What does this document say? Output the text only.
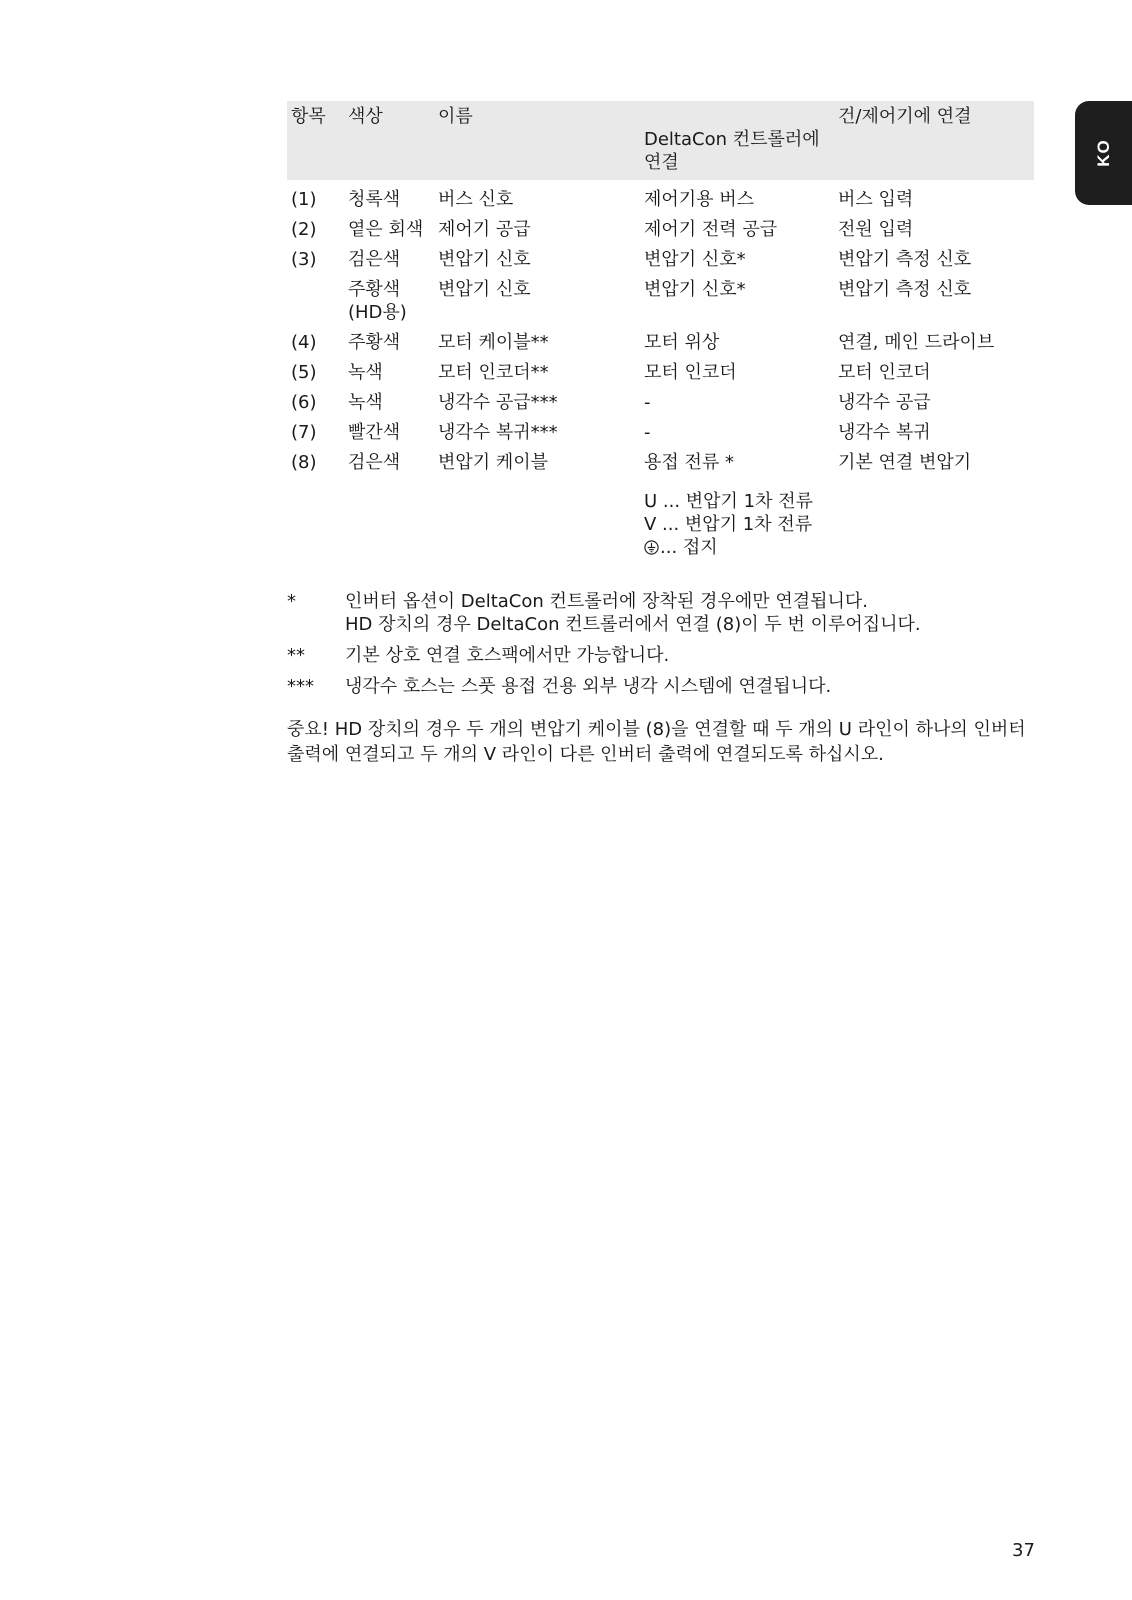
KO
항목	색상	이름	DeltaCon 컨트롤러에 연결	건/제어기에 연결
(1)	청록색	버스 신호	제어기용 버스	버스 입력
(2)	옅은 회색	제어기 공급	제어기 전력 공급	전원 입력
(3)	검은색	변압기 신호	변압기 신호*	변압기 측정 신호
	주황색 (HD용)	변압기 신호	변압기 신호*	변압기 측정 신호
(4)	주황색	모터 케이블**	모터 위상	연결, 메인 드라이브
(5)	녹색	모터 인코더**	모터 인코더	모터 인코더
(6)	녹색	냉각수 공급***	-	냉각수 공급
(7)	빨간색	냉각수 복귀***	-	냉각수 복귀
(8)	검은색	변압기 케이블	용접 전류 *	기본 연결 변압기

			U ... 변압기 1차 전류
V ... 변압기 1차 전류
... 접지	

*	인버터 옵션이 DeltaCon 컨트롤러에 장착된 경우에만 연결됩니다.
HD 장치의 경우 DeltaCon 컨트롤러에서 연결 (8)이 두 번 이루어집니다.
**	기본 상호 연결 호스팩에서만 가능합니다.
***	냉각수 호스는 스풋 용접 건용 외부 냉각 시스템에 연결됩니다.
중요! HD 장치의 경우 두 개의 변압기 케이블 (8)을 연결할 때 두 개의 U 라인이 하나의 인버터 출력에 연결되고 두 개의 V 라인이 다른 인버터 출력에 연결되도록 하십시오.
37
